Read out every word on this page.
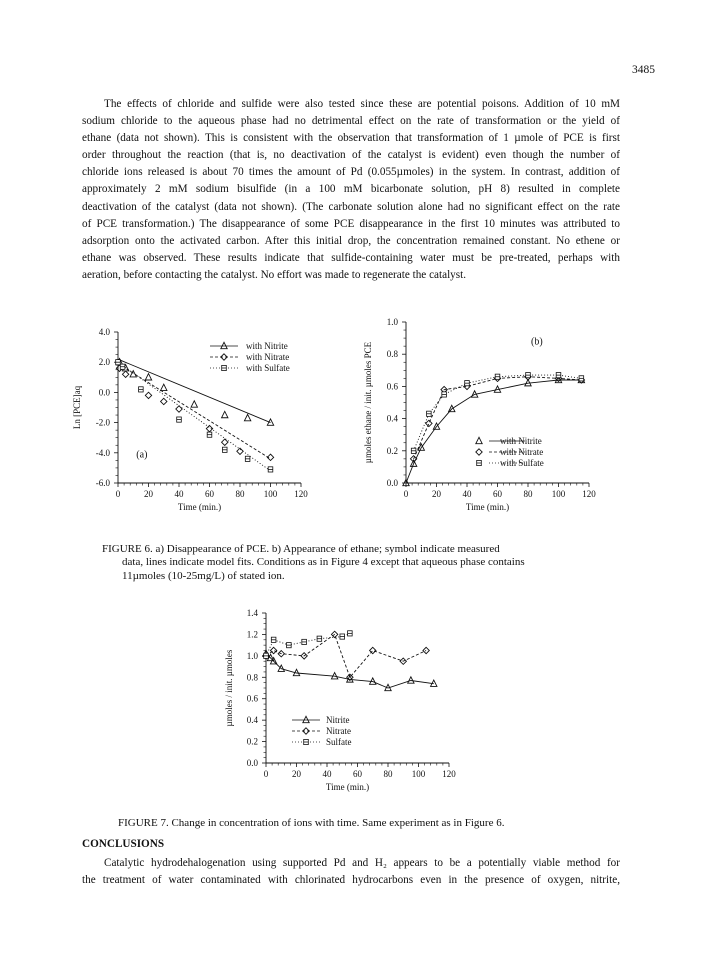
3485
The effects of chloride and sulfide were also tested since these are potential poisons. Addition of 10 mM
sodium chloride to the aqueous phase had no detrimental effect on the rate of transformation or the yield of
ethane (data not shown). This is consistent with the observation that transformation of 1 µmole of PCE is first
order throughout the reaction (that is, no deactivation of the catalyst is evident) even though the number of
chloride ions released is about 70 times the amount of Pd (0.055µmoles) in the system. In contrast, addition of
approximately 2 mM sodium bisulfide (in a 100 mM bicarbonate solution, pH 8) resulted in complete
deactivation of the catalyst (data not shown). (The carbonate solution alone had no significant effect on the rate
of PCE transformation.) The disappearance of some PCE disappearance in the first 10 minutes was attributed to
adsorption onto the activated carbon. After this initial drop, the concentration remained constant. No ethene or
ethane was observed. These results indicate that sulfide-containing water must be pre-treated, perhaps with
aeration, before contacting the catalyst. No effort was made to regenerate the catalyst.
0	20 40 60 80 100 120
4.0
2.0
0.0
-2.0
-4.0
-6.0
Time (min.)
Ln [PCE]aq
(a)
with Nitrite
with Nitrate
with Sulfate
0	20 40 60 80 100 120
1.0
0.8
0.6
0.4
0.2
0.0
Time (min.)
µmoles ethane / init. µmoles PCE	(b)
with Nitrite
with Nitrate
with Sulfate
0	20 40 60 80 100 120
1.4
1.2
1.0
0.8
0.6
0.4
0.2
0.0
Time (min.)
µmoles / init. µmoles	Nitrite
Nitrate
Sulfate
FIGURE 6. a) Disappearance of PCE. b) Appearance of ethane; symbol indicate measured
data, lines indicate model fits. Conditions as in Figure 4 except that aqueous phase contains
11µmoles (10-25mg/L) of stated ion.
FIGURE 7. Change in concentration of ions with time. Same experiment as in Figure 6.
CONCLUSIONS
Catalytic hydrodehalogenation using supported Pd and H₂ appears to be a potentially viable method for
the treatment of water contaminated with chlorinated hydrocarbons even in the presence of oxygen, nitrite,
